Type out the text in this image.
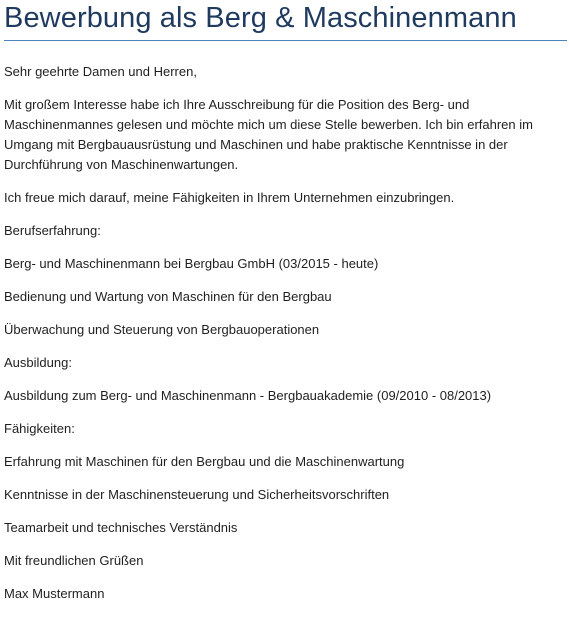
Bewerbung als Berg & Maschinenmann

Sehr geehrte Damen und Herren,

Mit großem Interesse habe ich Ihre Ausschreibung für die Position des Berg- und Maschinenmannes gelesen und möchte mich um diese Stelle bewerben. Ich bin erfahren im Umgang mit Bergbauausrüstung und Maschinen und habe praktische Kenntnisse in der Durchführung von Maschinenwartungen.

Ich freue mich darauf, meine Fähigkeiten in Ihrem Unternehmen einzubringen.

Berufserfahrung:

Berg- und Maschinenmann bei Bergbau GmbH (03/2015 - heute)

Bedienung und Wartung von Maschinen für den Bergbau

Überwachung und Steuerung von Bergbauoperationen

Ausbildung:

Ausbildung zum Berg- und Maschinenmann - Bergbauakademie (09/2010 - 08/2013)

Fähigkeiten:

Erfahrung mit Maschinen für den Bergbau und die Maschinenwartung

Kenntnisse in der Maschinensteuerung und Sicherheitsvorschriften

Teamarbeit und technisches Verständnis

Mit freundlichen Grüßen

Max Mustermann
